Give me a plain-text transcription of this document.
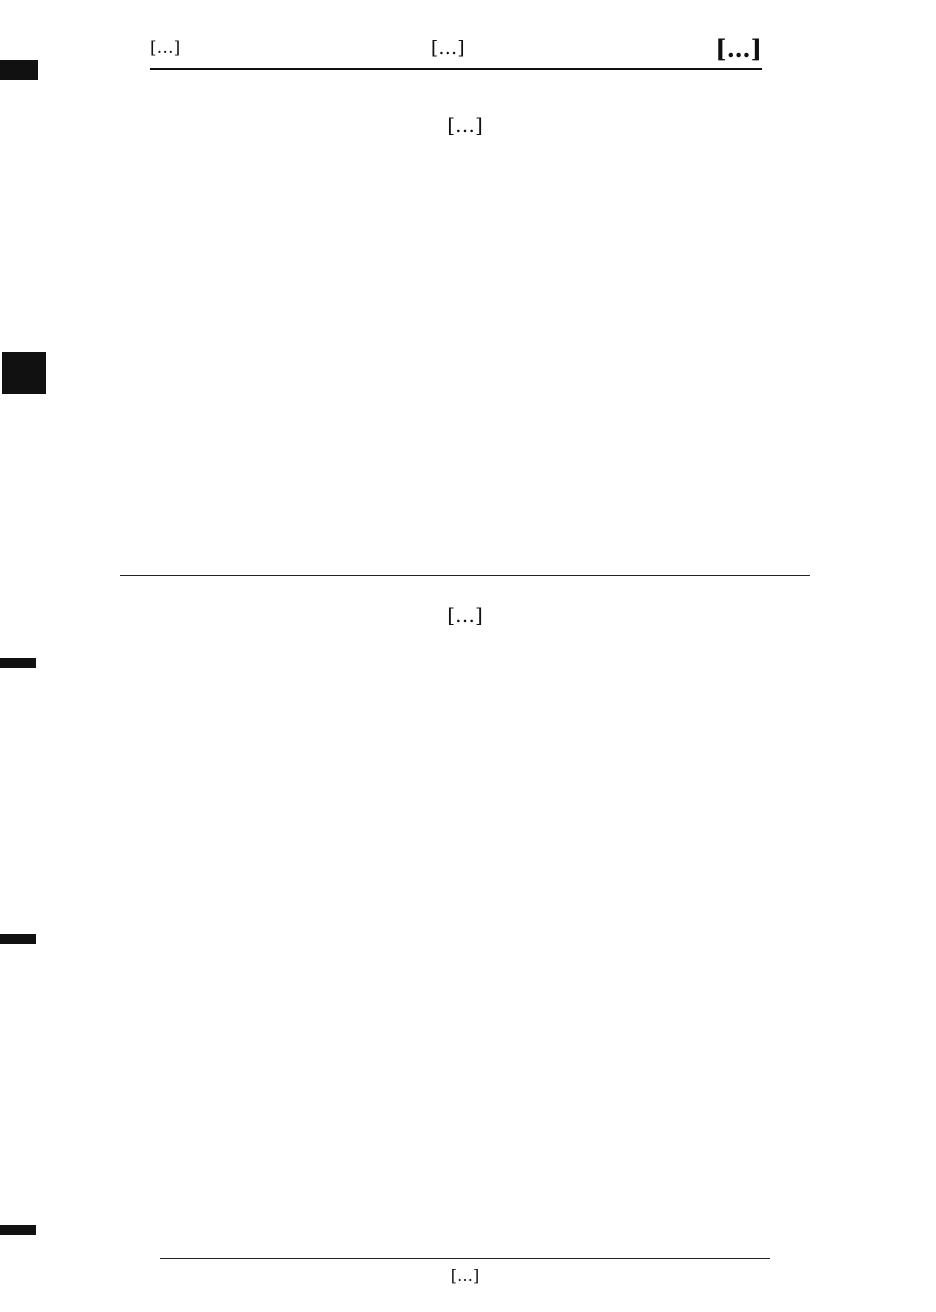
[…]
[…]
[…]
[…]
[…]
[…]
